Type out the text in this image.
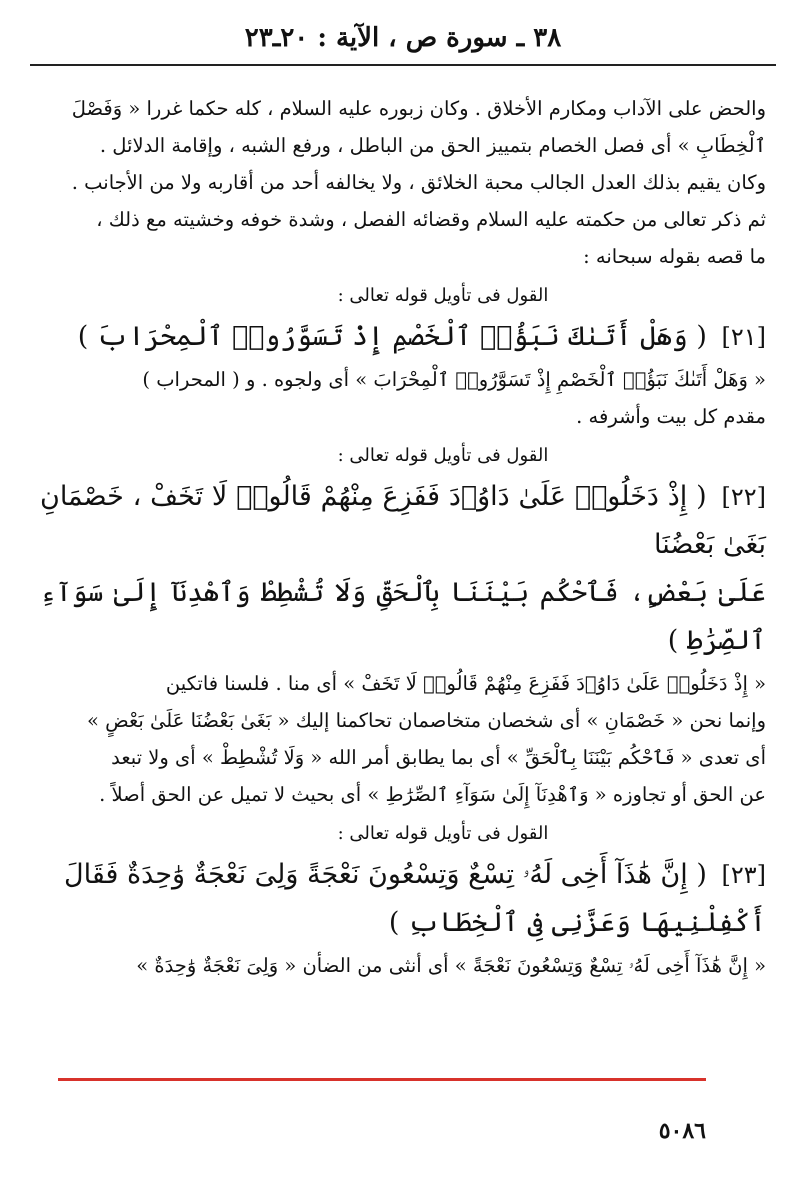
٣٨ ـ سورة ص ، الآية : ٢٠ـ٢٣

والحض على الآداب ومكارم الأخلاق . وكان زبوره عليه السلام ، كله حكما غررا « وَفَصْلَ

ٱلْخِطَابِ » أى فصل الخصام بتمييز الحق من الباطل ، ورفع الشبه ، وإقامة الدلائل .

وكان يقيم بذلك العدل الجالب محبة الخلائق ، ولا يخالفه أحد من أقاربه ولا من الأجانب .

ثم ذكر تعالى من حكمته عليه السلام وقضائه الفصل ، وشدة خوفه وخشيته مع ذلك ،

ما قصه بقوله سبحانه :

القول فى تأويل قوله تعالى :

[٢١] ( وَهَلْ أَتَىٰكَ نَبَؤُا۟ ٱلْخَصْمِ إِذْ تَسَوَّرُوا۟ ٱلْمِحْرَابَ )

« وَهَلْ أَتَىٰكَ نَبَؤُا۟ ٱلْخَصْمِ إِذْ تَسَوَّرُوا۟ ٱلْمِحْرَابَ » أى ولجوه . و ( المحراب )

مقدم كل بيت وأشرفه .

القول فى تأويل قوله تعالى :

[٢٢] ( إِذْ دَخَلُوا۟ عَلَىٰ دَاوُۥدَ فَفَزِعَ مِنْهُمْ قَالُوا۟ لَا تَخَفْ ، خَصْمَانِ بَغَىٰ بَعْضُنَا

عَلَىٰ بَعْضٍ، فَٱحْكُم بَيْنَنَا بِٱلْحَقِّ وَلَا تُشْطِطْ وَٱهْدِنَآ إِلَىٰ سَوَآءِ ٱلصِّرَٰطِ )

« إِذْ دَخَلُوا۟ عَلَىٰ دَاوُۥدَ فَفَزِعَ مِنْهُمْ قَالُوا۟ لَا تَخَفْ » أى منا . فلسنا فاتكين

وإنما نحن « خَصْمَانِ » أى شخصان متخاصمان تحاكمنا إليك « بَغَىٰ بَعْضُنَا عَلَىٰ بَعْضٍ »

أى تعدى « فَٱحْكُم بَيْنَنَا بِٱلْحَقِّ » أى بما يطابق أمر الله « وَلَا تُشْطِطْ » أى ولا تبعد

عن الحق أو تجاوزه « وَٱهْدِنَآ إِلَىٰ سَوَآءِ ٱلصِّرَٰطِ » أى بحيث لا تميل عن الحق أصلاً .

القول فى تأويل قوله تعالى :

[٢٣] ( إِنَّ هَٰذَآ أَخِى لَهُۥ تِسْعٌ وَتِسْعُونَ نَعْجَةً وَلِىَ نَعْجَةٌ وَٰحِدَةٌ فَقَالَ

أَكْفِلْنِيهَا وَعَزَّنِى فِى ٱلْخِطَابِ )

« إِنَّ هَٰذَآ أَخِى لَهُۥ تِسْعٌ وَتِسْعُونَ نَعْجَةً » أى أنثى من الضأن « وَلِىَ نَعْجَةٌ وَٰحِدَةٌ »

٥٠٨٦
